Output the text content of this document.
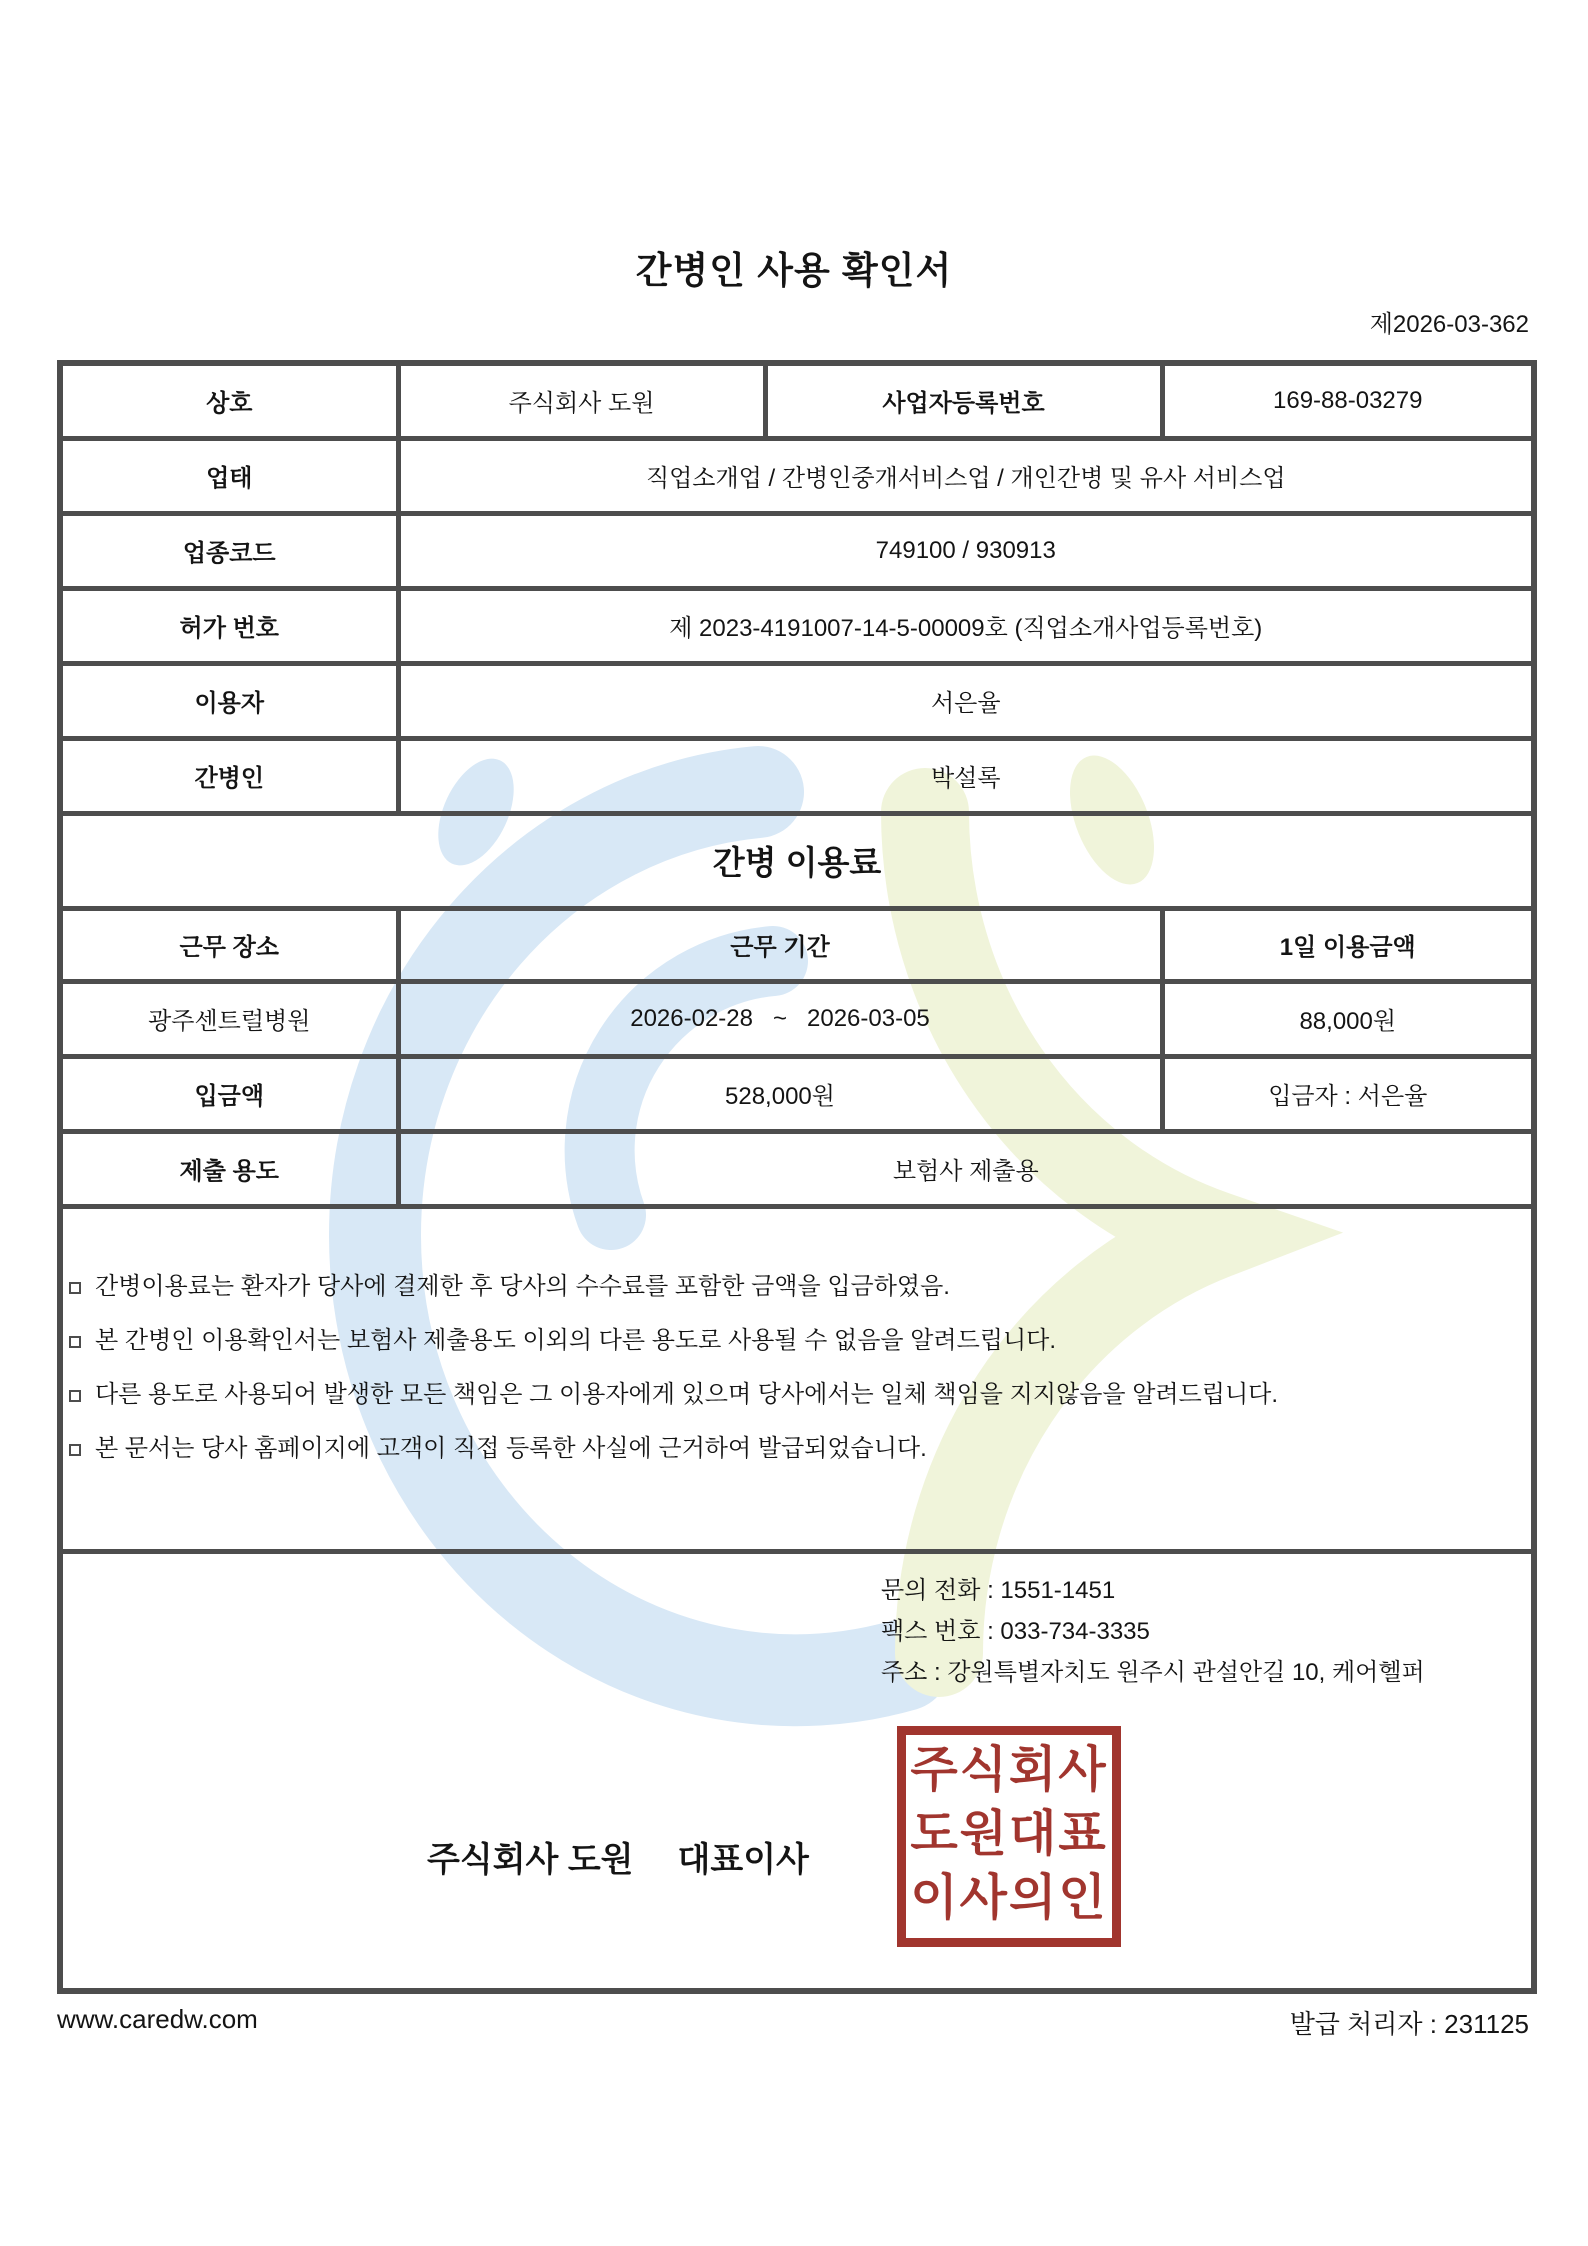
간병인 사용 확인서
제2026-03-362
상호	주식회사 도원	사업자등록번호	169-88-03279
업태	직업소개업 / 간병인중개서비스업 / 개인간병 및 유사 서비스업		
업종코드	749100 / 930913		
허가 번호	제 2023-4191007-14-5-00009호 (직업소개사업등록번호)		
이용자	서은율		
간병인	박설록		
간병 이용료			
근무 장소	근무 기간		1일 이용금액
광주센트럴병원	2026-02-28 ~ 2026-03-05		88,000원
입금액	528,000원		입금자 : 서은율
제출 용도	보험사 제출용		

간병이용료는 환자가 당사에 결제한 후 당사의 수수료를 포함한 금액을 입금하였음.
본 간병인 이용확인서는 보험사 제출용도 이외의 다른 용도로 사용될 수 없음을 알려드립니다.
다른 용도로 사용되어 발생한 모든 책임은 그 이용자에게 있으며 당사에서는 일체 책임을 지지않음을 알려드립니다.
본 문서는 당사 홈페이지에 고객이 직접 등록한 사실에 근거하여 발급되었습니다.			

문의 전화 : 1551-1451
팩스 번호 : 033-734-3335
주소 : 강원특별자치도 원주시 관설안길 10, 케어헬퍼
주식회사 도원 대표이사
주식회사
도원대표
이사의인
www.caredw.com	발급 처리자 : 231125
